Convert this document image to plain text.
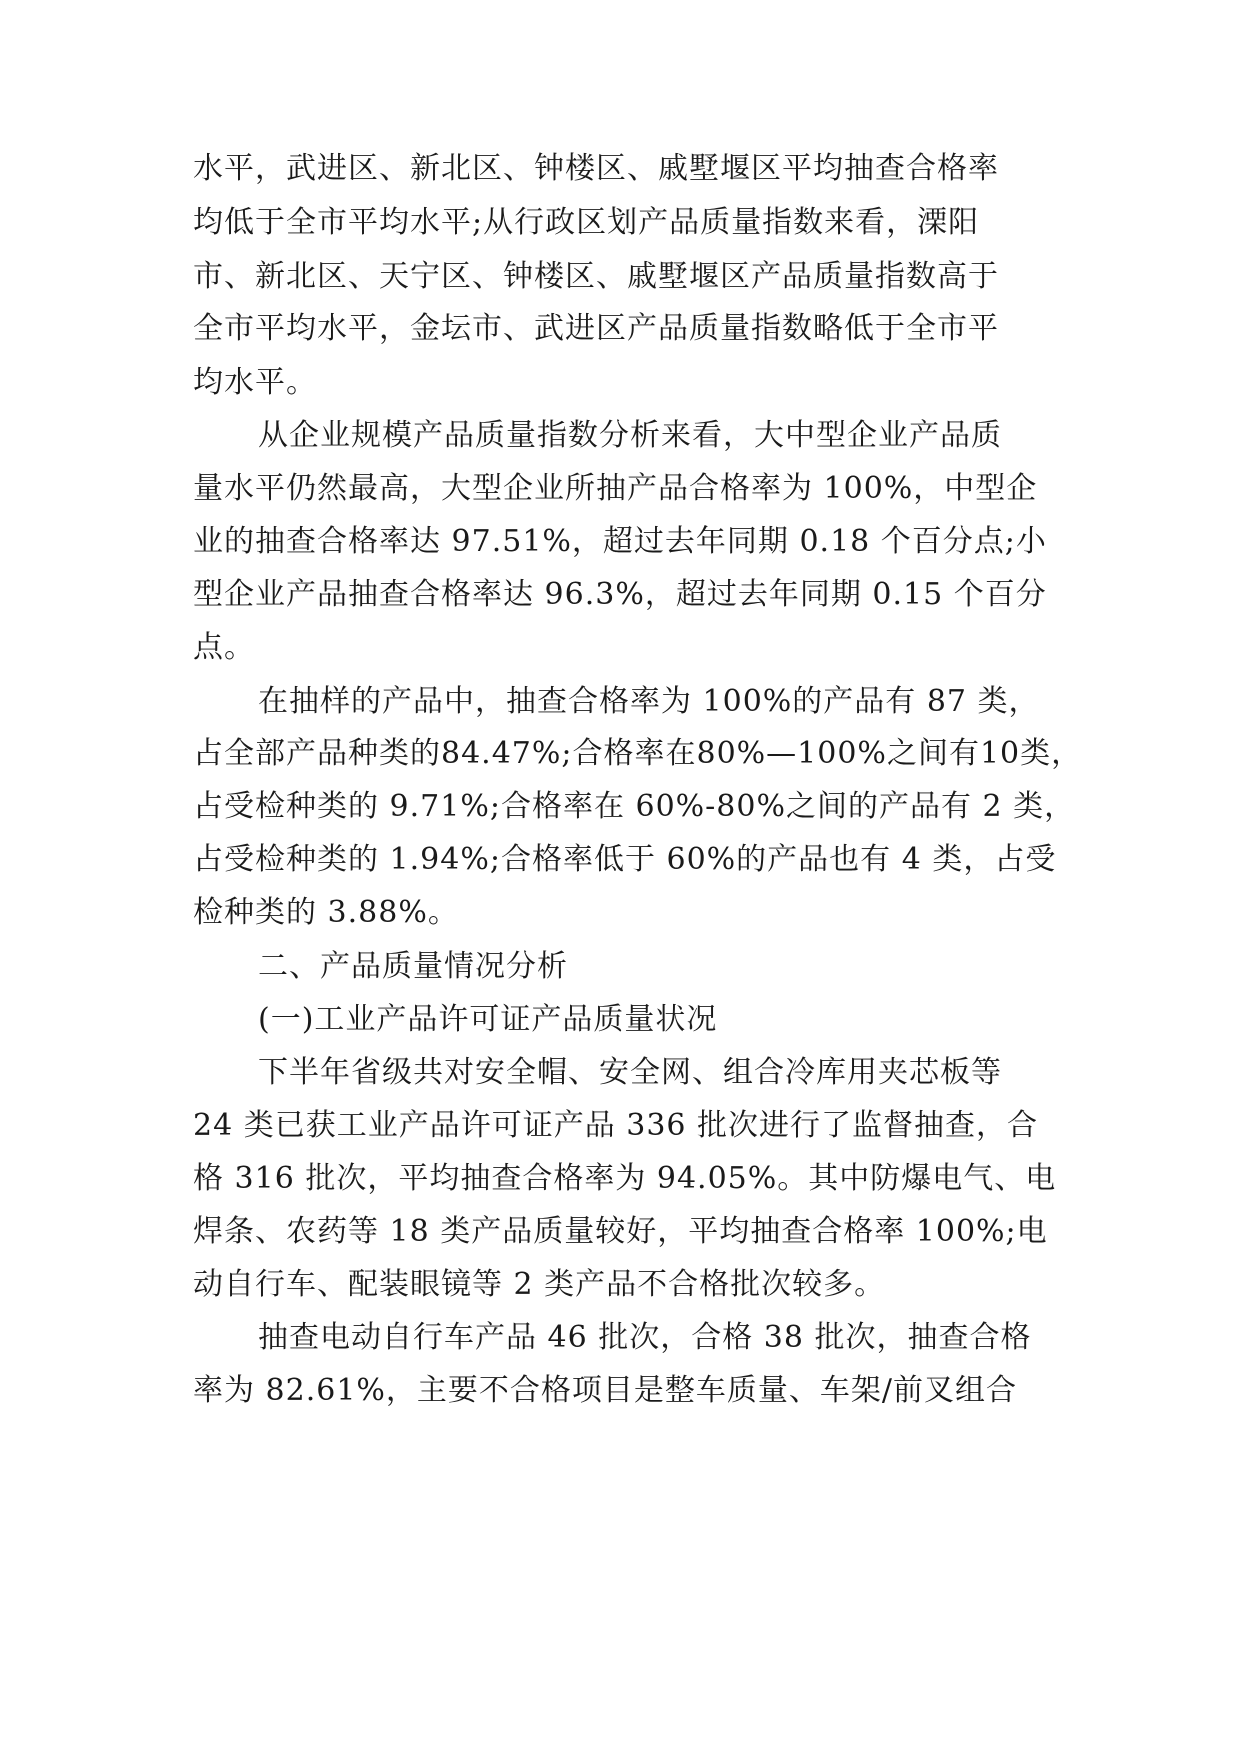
水平，武进区、新北区、钟楼区、戚墅堰区平均抽查合格率
均低于全市平均水平;从行政区划产品质量指数来看，溧阳
市、新北区、天宁区、钟楼区、戚墅堰区产品质量指数高于
全市平均水平，金坛市、武进区产品质量指数略低于全市平
均水平。
从企业规模产品质量指数分析来看，大中型企业产品质
量水平仍然最高，大型企业所抽产品合格率为 100%，中型企
业的抽查合格率达 97.51%，超过去年同期 0.18 个百分点;小
型企业产品抽查合格率达 96.3%，超过去年同期 0.15 个百分
点。
在抽样的产品中，抽查合格率为 100%的产品有 87 类，
占全部产品种类的84.47%;合格率在80%—100%之间有10类，
占受检种类的 9.71%;合格率在 60%-80%之间的产品有 2 类，
占受检种类的 1.94%;合格率低于 60%的产品也有 4 类，占受
检种类的 3.88%。
二、产品质量情况分析
(一)工业产品许可证产品质量状况
下半年省级共对安全帽、安全网、组合冷库用夹芯板等
24 类已获工业产品许可证产品 336 批次进行了监督抽查，合
格 316 批次，平均抽查合格率为 94.05%。其中防爆电气、电
焊条、农药等 18 类产品质量较好，平均抽查合格率 100%;电
动自行车、配装眼镜等 2 类产品不合格批次较多。
抽查电动自行车产品 46 批次，合格 38 批次，抽查合格
率为 82.61%，主要不合格项目是整车质量、车架/前叉组合
